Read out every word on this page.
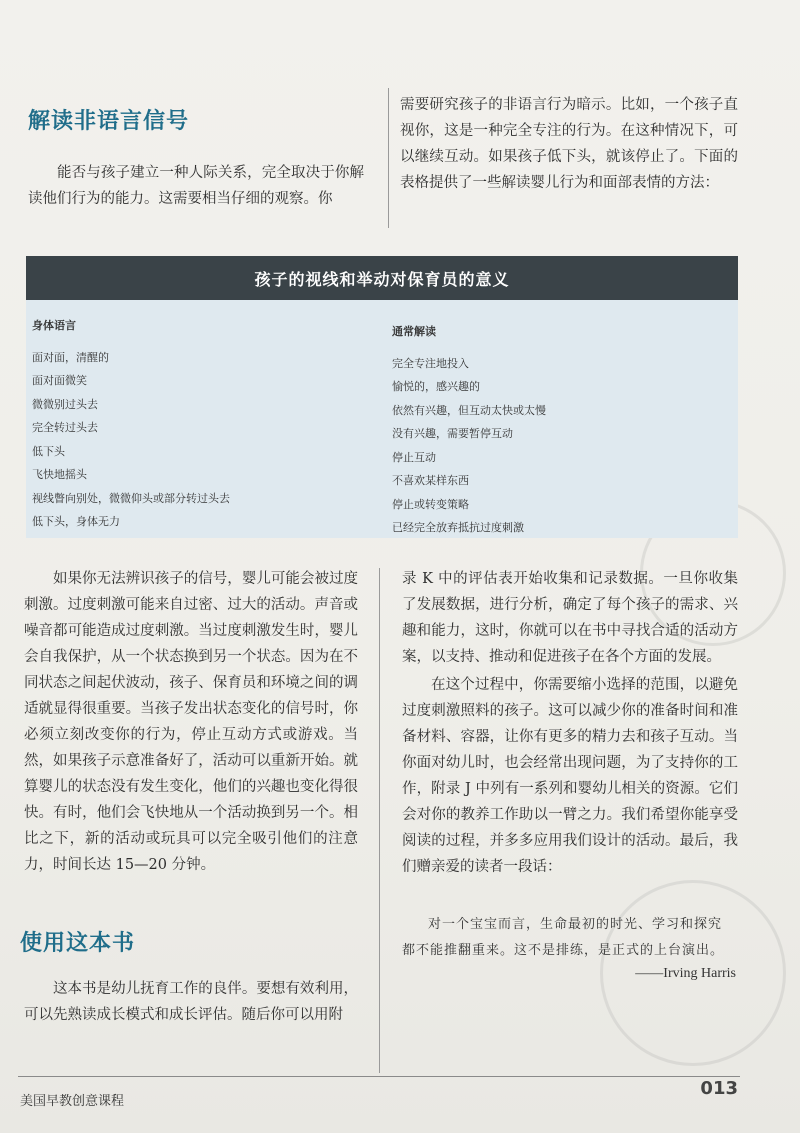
解读非语言信号

能否与孩子建立一种人际关系，完全取决于你解读他们行为的能力。这需要相当仔细的观察。你

需要研究孩子的非语言行为暗示。比如，一个孩子直视你，这是一种完全专注的行为。在这种情况下，可以继续互动。如果孩子低下头，就该停止了。下面的表格提供了一些解读婴儿行为和面部表情的方法：

孩子的视线和举动对保育员的意义
身体语言
面对面，清醒的
面对面微笑
微微别过头去
完全转过头去
低下头
飞快地摇头
视线瞥向别处，微微仰头或部分转过头去
低下头，身体无力
通常解读
完全专注地投入
愉悦的，感兴趣的
依然有兴趣，但互动太快或太慢
没有兴趣，需要暂停互动
停止互动
不喜欢某样东西
停止或转变策略
已经完全放弃抵抗过度刺激

如果你无法辨识孩子的信号，婴儿可能会被过度刺激。过度刺激可能来自过密、过大的活动。声音或噪音都可能造成过度刺激。当过度刺激发生时，婴儿会自我保护，从一个状态换到另一个状态。因为在不同状态之间起伏波动，孩子、保育员和环境之间的调适就显得很重要。当孩子发出状态变化的信号时，你必须立刻改变你的行为，停止互动方式或游戏。当然，如果孩子示意准备好了，活动可以重新开始。就算婴儿的状态没有发生变化，他们的兴趣也变化得很快。有时，他们会飞快地从一个活动换到另一个。相比之下，新的活动或玩具可以完全吸引他们的注意力，时间长达 15—20 分钟。

使用这本书

这本书是幼儿抚育工作的良伴。要想有效利用，可以先熟读成长模式和成长评估。随后你可以用附

录 K 中的评估表开始收集和记录数据。一旦你收集了发展数据，进行分析，确定了每个孩子的需求、兴趣和能力，这时，你就可以在书中寻找合适的活动方案，以支持、推动和促进孩子在各个方面的发展。

在这个过程中，你需要缩小选择的范围，以避免过度刺激照料的孩子。这可以减少你的准备时间和准备材料、容器，让你有更多的精力去和孩子互动。当你面对幼儿时，也会经常出现问题，为了支持你的工作，附录 J 中列有一系列和婴幼儿相关的资源。它们会对你的教养工作助以一臂之力。我们希望你能享受阅读的过程，并多多应用我们设计的活动。最后，我们赠亲爱的读者一段话：

对一个宝宝而言，生命最初的时光、学习和探究都不能推翻重来。这不是排练，是正式的上台演出。

——Irving Harris

美国早教创意课程

013
